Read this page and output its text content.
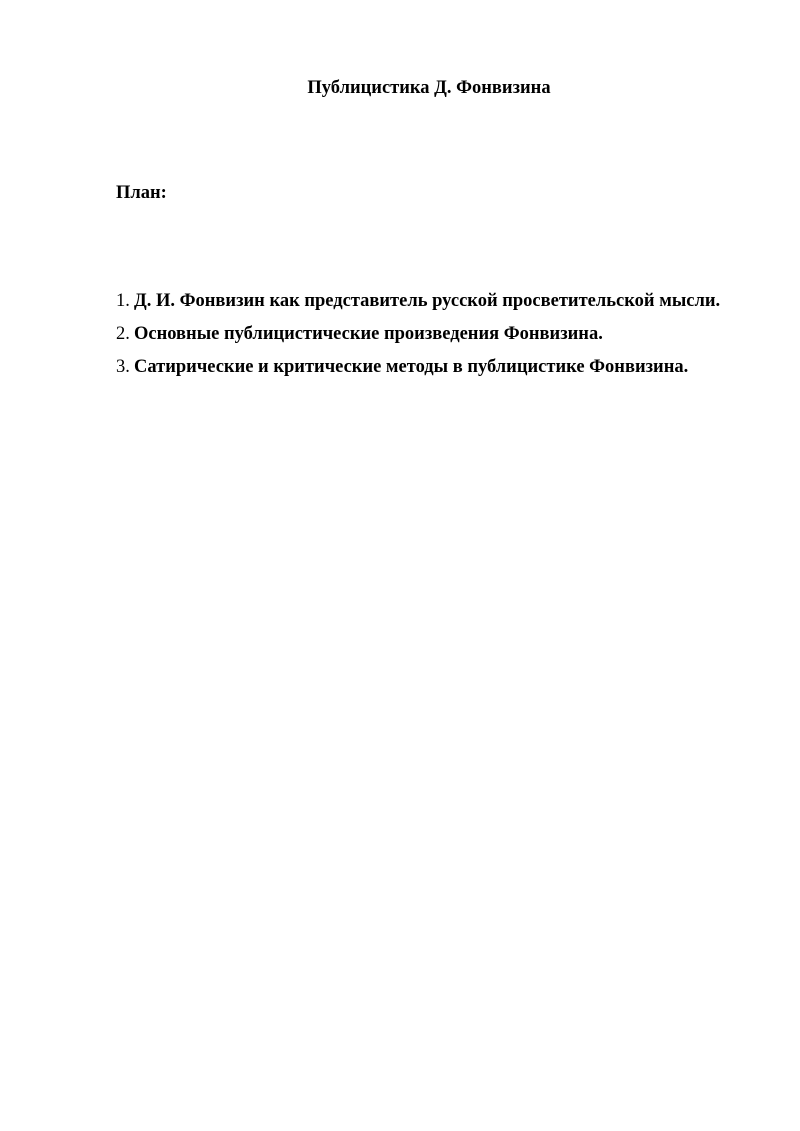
Публицистика Д. Фонвизина
План:
1. Д. И. Фонвизин как представитель русской просветительской мысли.
2. Основные публицистические произведения Фонвизина.
3. Сатирические и критические методы в публицистике Фонвизина.
